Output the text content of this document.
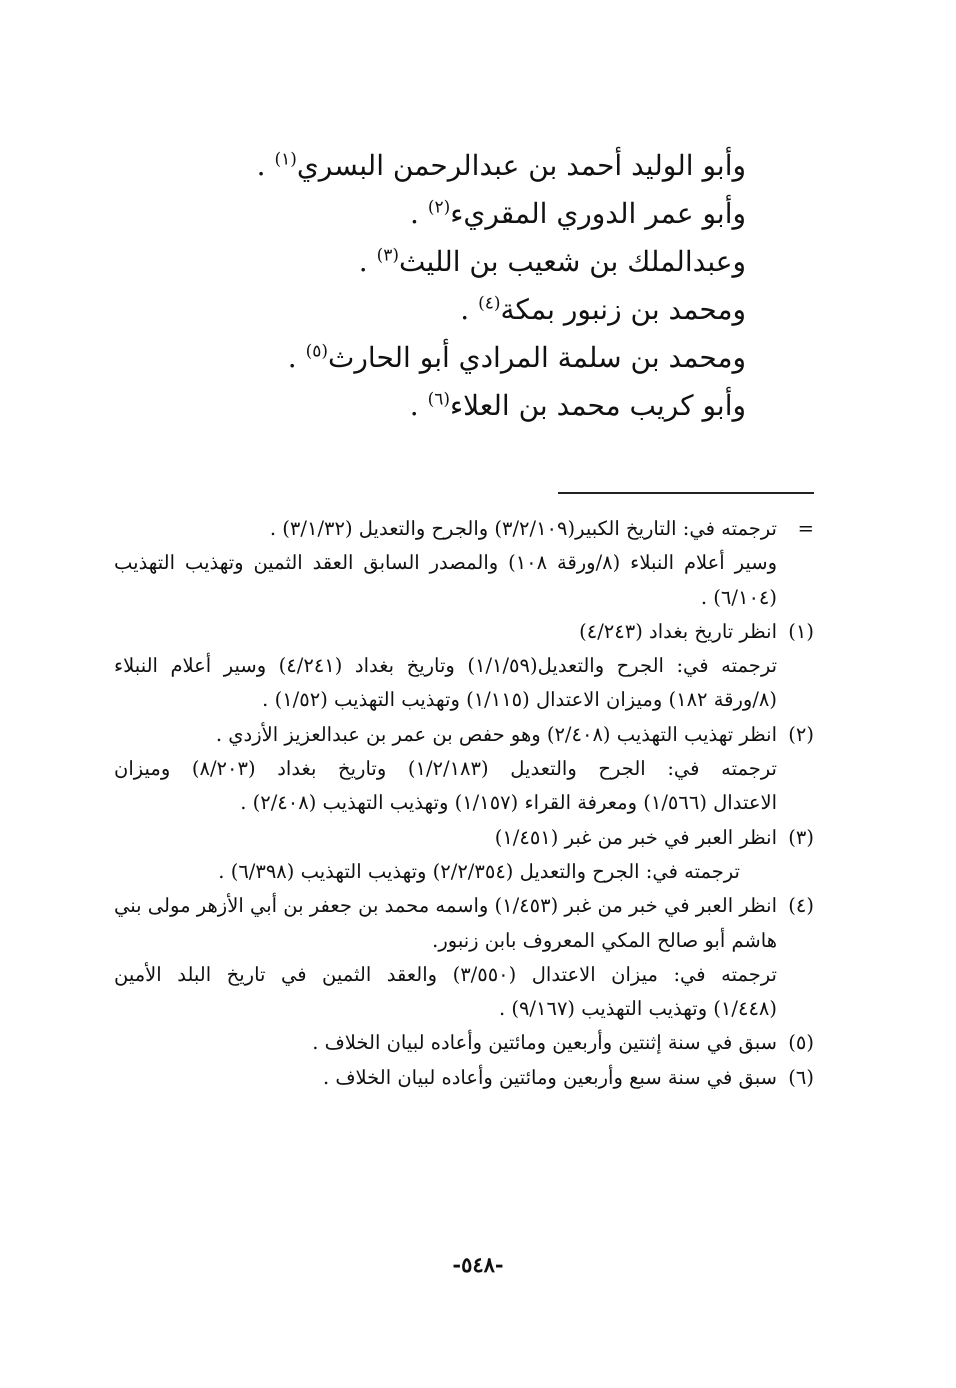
وأبو الوليد أحمد بن عبدالرحمن البسري$^{(١)}$ .
وأبو عمر الدوري المقريء$^{(٢)}$ .
وعبدالملك بن شعيب بن الليث$^{(٣)}$ .
ومحمد بن زنبور بمكة$^{(٤)}$ .
ومحمد بن سلمة المرادي أبو الحارث$^{(٥)}$ .
وأبو كريب محمد بن العلاء$^{(٦)}$ .
=
ترجمته في: التاريخ الكبير(٣/٢/١٠٩) والجرح والتعديل (٣/١/٣٢) .
وسير أعلام النبلاء (٨/ورقة ١٠٨) والمصدر السابق العقد الثمين وتهذيب التهذيب
(٦/١٠٤) .
(١)
انظر تاريخ بغداد (٤/٢٤٣)
ترجمته في: الجرح والتعديل(١/١/٥٩) وتاريخ بغداد (٤/٢٤١) وسير أعلام النبلاء
(٨/ورقة ١٨٢) وميزان الاعتدال (١/١١٥) وتهذيب التهذيب (١/٥٢) .
(٢)
انظر تهذيب التهذيب (٢/٤٠٨) وهو حفص بن عمر بن عبدالعزيز الأزدي .
ترجمته في: الجرح والتعديل (١/٢/١٨٣) وتاريخ بغداد (٨/٢٠٣) وميزان
الاعتدال (١/٥٦٦) ومعرفة القراء (١/١٥٧) وتهذيب التهذيب (٢/٤٠٨) .
(٣)
انظر العبر في خبر من غبر (١/٤٥١)
ترجمته في: الجرح والتعديل (٢/٢/٣٥٤) وتهذيب التهذيب (٦/٣٩٨) .
(٤)
انظر العبر في خبر من غبر (١/٤٥٣) واسمه محمد بن جعفر بن أبي الأزهر مولى بني
هاشم أبو صالح المكي المعروف بابن زنبور.
ترجمته في: ميزان الاعتدال (٣/٥٥٠) والعقد الثمين في تاريخ البلد الأمين
(١/٤٤٨) وتهذيب التهذيب (٩/١٦٧) .
(٥)
سبق في سنة إثنتين وأربعين ومائتين وأعاده لبيان الخلاف .
(٦)
سبق في سنة سبع وأربعين ومائتين وأعاده لبيان الخلاف .
-٥٤٨-
